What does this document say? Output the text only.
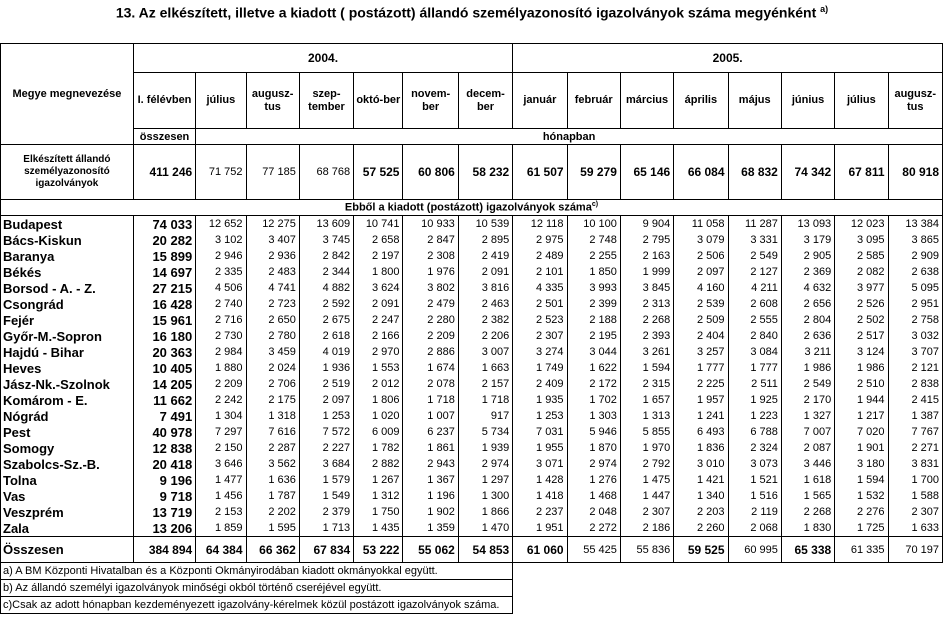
13. Az elkészített, illetve a kiadott ( postázott) állandó személyazonosító igazolványok száma megyénként $^{a)}$
Megye megnevezése	2004.							2005.							
	I. félévben	július	augusz-tus	szep-tember	októ-ber	novem-ber	decem-ber	január	február	március	április	május	június	július	augusz-tus
	összesen	hónapban													
Elkészített állandó személyazonosító igazolványok	411 246	71 752	77 185	68 768	57 525	60 806	58 232	61 507	59 279	65 146	66 084	68 832	74 342	67 811	80 918
Ebből a kiadott (postázott) igazolványok száma$^{c)}$
Budapest	74 033	12 652	12 275	13 609	10 741	10 933	10 539	12 118	10 100	9 904	11 058	11 287	13 093	12 023	13 384
Bács-Kiskun	20 282	3 102	3 407	3 745	2 658	2 847	2 895	2 975	2 748	2 795	3 079	3 331	3 179	3 095	3 865
Baranya	15 899	2 946	2 936	2 842	2 197	2 308	2 419	2 489	2 255	2 163	2 506	2 549	2 905	2 585	2 909
Békés	14 697	2 335	2 483	2 344	1 800	1 976	2 091	2 101	1 850	1 999	2 097	2 127	2 369	2 082	2 638
Borsod - A. - Z.	27 215	4 506	4 741	4 882	3 624	3 802	3 816	4 335	3 993	3 845	4 160	4 211	4 632	3 977	5 095
Csongrád	16 428	2 740	2 723	2 592	2 091	2 479	2 463	2 501	2 399	2 313	2 539	2 608	2 656	2 526	2 951
Fejér	15 961	2 716	2 650	2 675	2 247	2 280	2 382	2 523	2 188	2 268	2 509	2 555	2 804	2 502	2 758
Győr-M.-Sopron	16 180	2 730	2 780	2 618	2 166	2 209	2 206	2 307	2 195	2 393	2 404	2 840	2 636	2 517	3 032
Hajdú - Bihar	20 363	2 984	3 459	4 019	2 970	2 886	3 007	3 274	3 044	3 261	3 257	3 084	3 211	3 124	3 707
Heves	10 405	1 880	2 024	1 936	1 553	1 674	1 663	1 749	1 622	1 594	1 777	1 777	1 986	1 986	2 121
Jász-Nk.-Szolnok	14 205	2 209	2 706	2 519	2 012	2 078	2 157	2 409	2 172	2 315	2 225	2 511	2 549	2 510	2 838
Komárom - E.	11 662	2 242	2 175	2 097	1 806	1 718	1 718	1 935	1 702	1 657	1 957	1 925	2 170	1 944	2 415
Nógrád	7 491	1 304	1 318	1 253	1 020	1 007	917	1 253	1 303	1 313	1 241	1 223	1 327	1 217	1 387
Pest	40 978	7 297	7 616	7 572	6 009	6 237	5 734	7 031	5 946	5 855	6 493	6 788	7 007	7 020	7 767
Somogy	12 838	2 150	2 287	2 227	1 782	1 861	1 939	1 955	1 870	1 970	1 836	2 324	2 087	1 901	2 271
Szabolcs-Sz.-B.	20 418	3 646	3 562	3 684	2 882	2 943	2 974	3 071	2 974	2 792	3 010	3 073	3 446	3 180	3 831
Tolna	9 196	1 477	1 636	1 579	1 267	1 367	1 297	1 428	1 276	1 475	1 421	1 521	1 618	1 594	1 700
Vas	9 718	1 456	1 787	1 549	1 312	1 196	1 300	1 418	1 468	1 447	1 340	1 516	1 565	1 532	1 588
Veszprém	13 719	2 153	2 202	2 379	1 750	1 902	1 866	2 237	2 048	2 307	2 203	2 119	2 268	2 276	2 307
Zala	13 206	1 859	1 595	1 713	1 435	1 359	1 470	1 951	2 272	2 186	2 260	2 068	1 830	1 725	1 633
Összesen	384 894	64 384	66 362	67 834	53 222	55 062	54 853	61 060	55 425	55 836	59 525	60 995	65 338	61 335	70 197
a) A BM Központi Hivatalban és a Központi Okmányirodában kiadott okmányokkal együtt.															
b) Az állandó személyi igazolványok minőségi okból történő cseréjével együtt.															
c)Csak az adott hónapban kezdeményezett igazolvány-kérelmek közül postázott igazolványok száma.															
